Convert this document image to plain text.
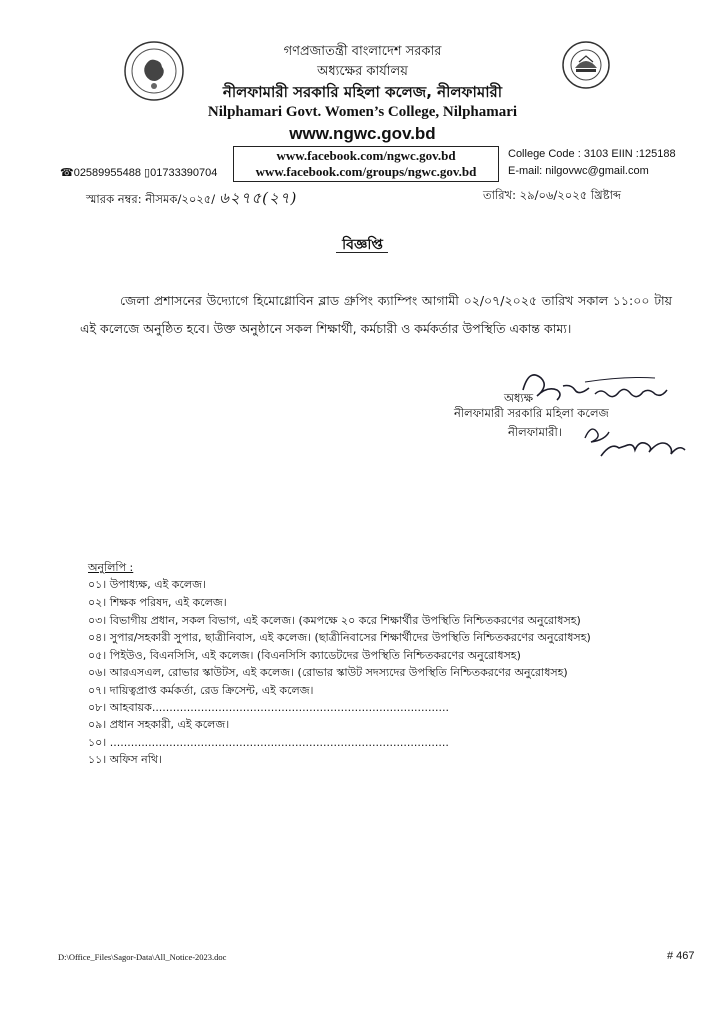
গণপ্রজাতন্ত্রী বাংলাদেশ সরকার
অধ্যক্ষের কার্যালয়
নীলফামারী সরকারি মহিলা কলেজ, নীলফামারী
Nilphamari Govt. Women’s College, Nilphamari
www.ngwc.gov.bd
www.facebook.com/ngwc.gov.bd
www.facebook.com/groups/ngwc.gov.bd
☎02589955488 ▯01733390704
College Code : 3103 EIIN :125188
E-mail: nilgovwc@gmail.com
স্মারক নম্বর: নীসমক/২০২৫/ ৬২৭৫(২৭)	তারিখ: ২৯/০৬/২০২৫ খ্রিষ্টাব্দ
বিজ্ঞপ্তি
জেলা প্রশাসনের উদ্যোগে হিমোগ্লোবিন ব্লাড গ্রুপিং ক্যাম্পিং আগামী ০২/০৭/২০২৫ তারিখ সকাল ১১:০০ টায় এই কলেজে অনুষ্ঠিত হবে। উক্ত অনুষ্ঠানে সকল শিক্ষার্থী, কর্মচারী ও কর্মকর্তার উপস্থিতি একান্ত কাম্য।
অধ্যক্ষ
নীলফামারী সরকারি মহিলা কলেজ
নীলফামারী।
অনুলিপি :
০১। উপাধ্যক্ষ, এই কলেজ।
০২। শিক্ষক পরিষদ, এই কলেজ।
০৩। বিভাগীয় প্রধান, সকল বিভাগ, এই কলেজ। (কমপক্ষে ২০ করে শিক্ষার্থীর উপস্থিতি নিশ্চিতকরণের অনুরোধসহ)
০৪। সুপার/সহকারী সুপার, ছাত্রীনিবাস, এই কলেজ। (ছাত্রীনিবাসের শিক্ষার্থীদের উপস্থিতি নিশ্চিতকরণের অনুরোধসহ)
০৫। পিইউও, বিএনসিসি, এই কলেজ। (বিএনসিসি ক্যাডেটদের উপস্থিতি নিশ্চিতকরণের অনুরোধসহ)
০৬। আরএসএল, রোভার স্কাউটস, এই কলেজ। (রোভার স্কাউট সদস্যদের উপস্থিতি নিশ্চিতকরণের অনুরোধসহ)
০৭। দায়িত্বপ্রাপ্ত কর্মকর্তা, রেড ক্রিসেন্ট, এই কলেজ।
০৮। আহবায়ক.....................................................................................
০৯। প্রধান সহকারী, এই কলেজ।
১০। .................................................................................................
১১। অফিস নথি।
D:\Office_Files\Sagor-Data\All_Notice-2023.doc	# 467
